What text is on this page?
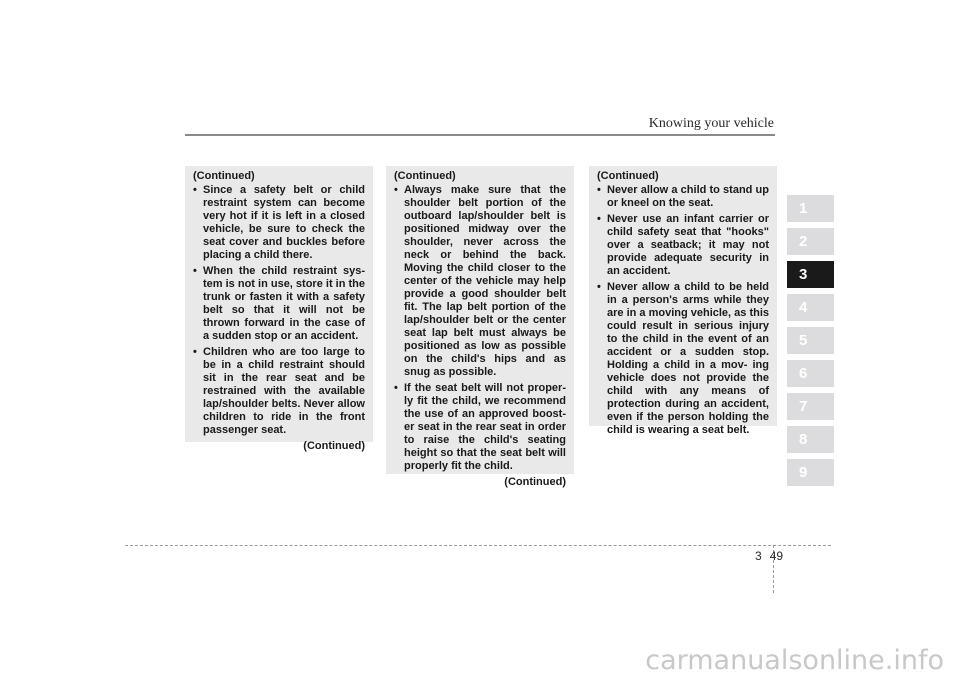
Knowing your vehicle
(Continued)
• Since a safety belt or child restraint system can become very hot if it is left in a closed vehicle, be sure to check the seat cover and buckles before placing a child there.
• When the child restraint sys- tem is not in use, store it in the trunk or fasten it with a safety belt so that it will not be thrown forward in the case of a sudden stop or an accident.
• Children who are too large to be in a child restraint should sit in the rear seat and be restrained with the available lap/shoulder belts. Never allow children to ride in the front passenger seat.
(Continued)
(Continued)
• Always make sure that the shoulder belt portion of the outboard lap/shoulder belt is positioned midway over the shoulder, never across the neck or behind the back. Moving the child closer to the center of the vehicle may help provide a good shoulder belt fit. The lap belt portion of the lap/shoulder belt or the center seat lap belt must always be positioned as low as possible on the child's hips and as snug as possible.
• If the seat belt will not proper- ly fit the child, we recommend the use of an approved boost- er seat in the rear seat in order to raise the child's seating height so that the seat belt will properly fit the child.
(Continued)
(Continued)
• Never allow a child to stand up or kneel on the seat.
• Never use an infant carrier or child safety seat that "hooks" over a seatback; it may not provide adequate security in an accident.
• Never allow a child to be held in a person's arms while they are in a moving vehicle, as this could result in serious injury to the child in the event of an accident or a sudden stop. Holding a child in a mov- ing vehicle does not provide the child with any means of protection during an accident, even if the person holding the child is wearing a seat belt.
1
2
3
4
5
6
7
8
9
3 49
carmanualsonline.info
